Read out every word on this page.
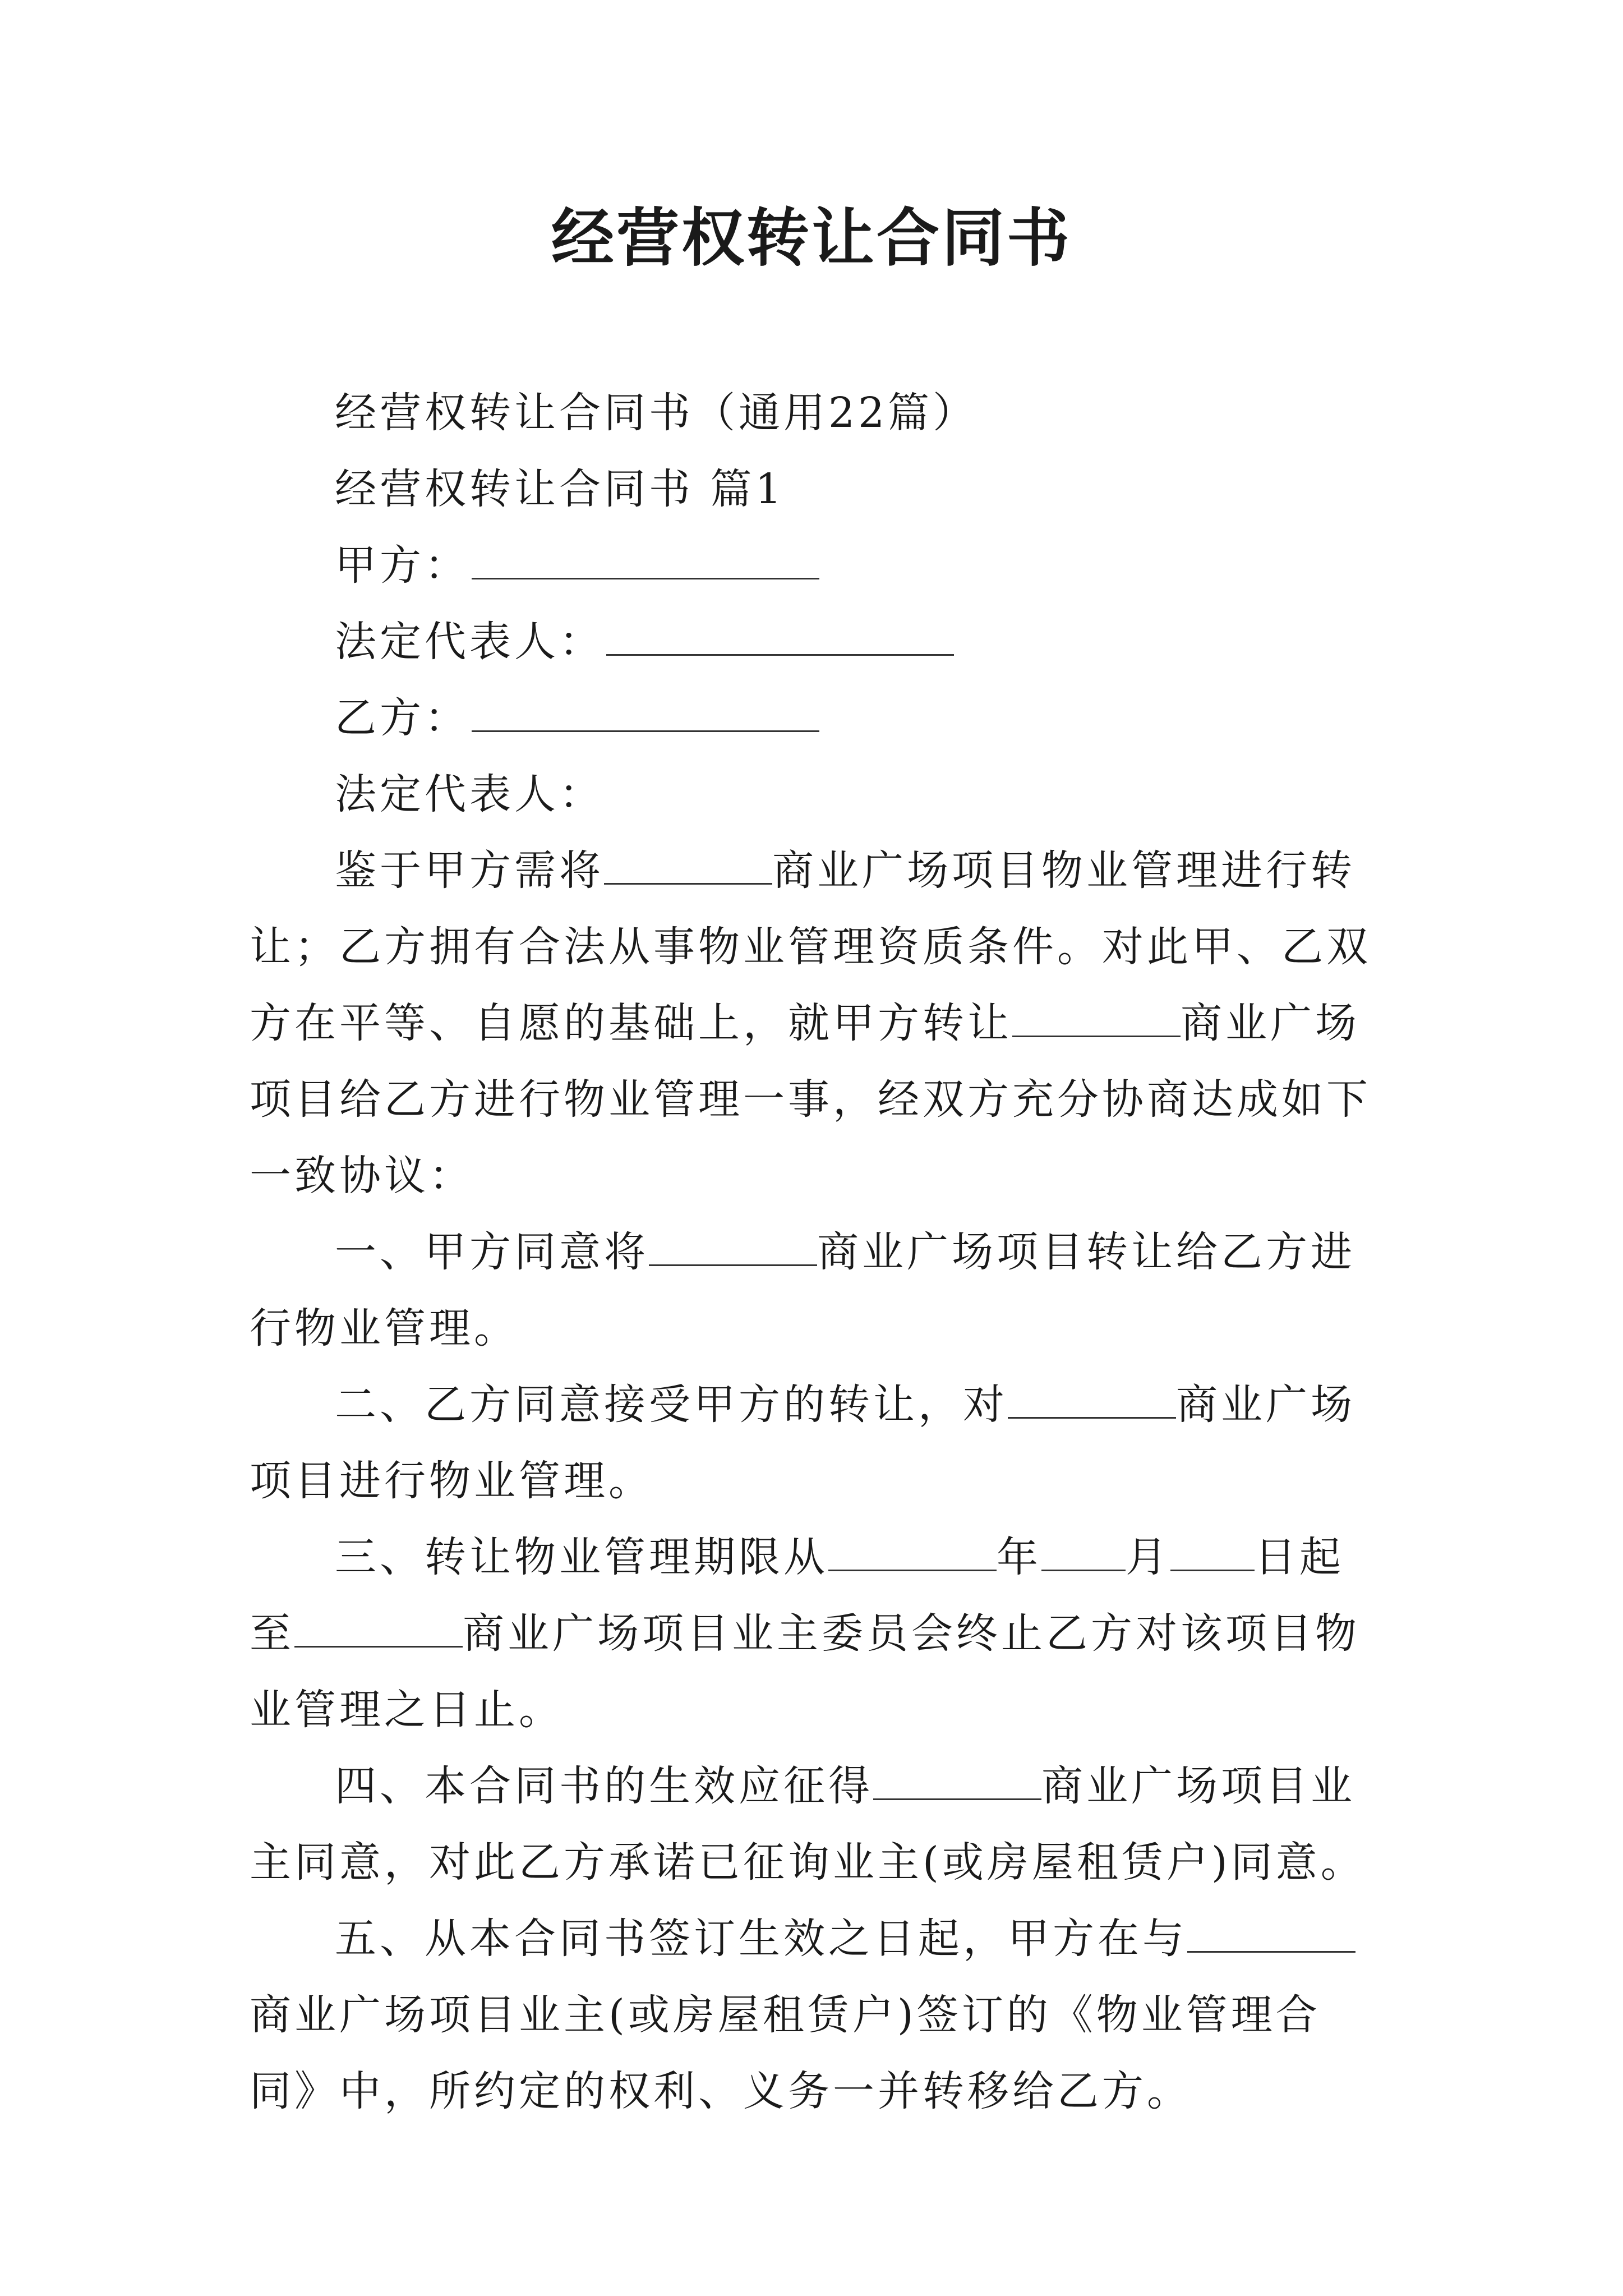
经营权转让合同书

经营权转让合同书（通用22篇）

经营权转让合同书 篇1

甲方：

法定代表人：

乙方：

法定代表人：

鉴于甲方需将	商业广场项目物业管理进行转让；乙方拥有合法从事物业管理资质条件。对此甲、乙双方在平等、自愿的基础上，就甲方转让	商业广场项目给乙方进行物业管理一事，经双方充分协商达成如下一致协议：

一、甲方同意将	商业广场项目转让给乙方进行物业管理。

二、乙方同意接受甲方的转让，对	商业广场项目进行物业管理。

三、转让物业管理期限从	年 月 日起至	商业广场项目业主委员会终止乙方对该项目物业管理之日止。

四、本合同书的生效应征得	商业广场项目业主同意，对此乙方承诺已征询业主(或房屋租赁户)同意。

五、从本合同书签订生效之日起，甲方在与商业广场项目业主(或房屋租赁户)签订的《物业管理合同》中，所约定的权利、义务一并转移给乙方。
